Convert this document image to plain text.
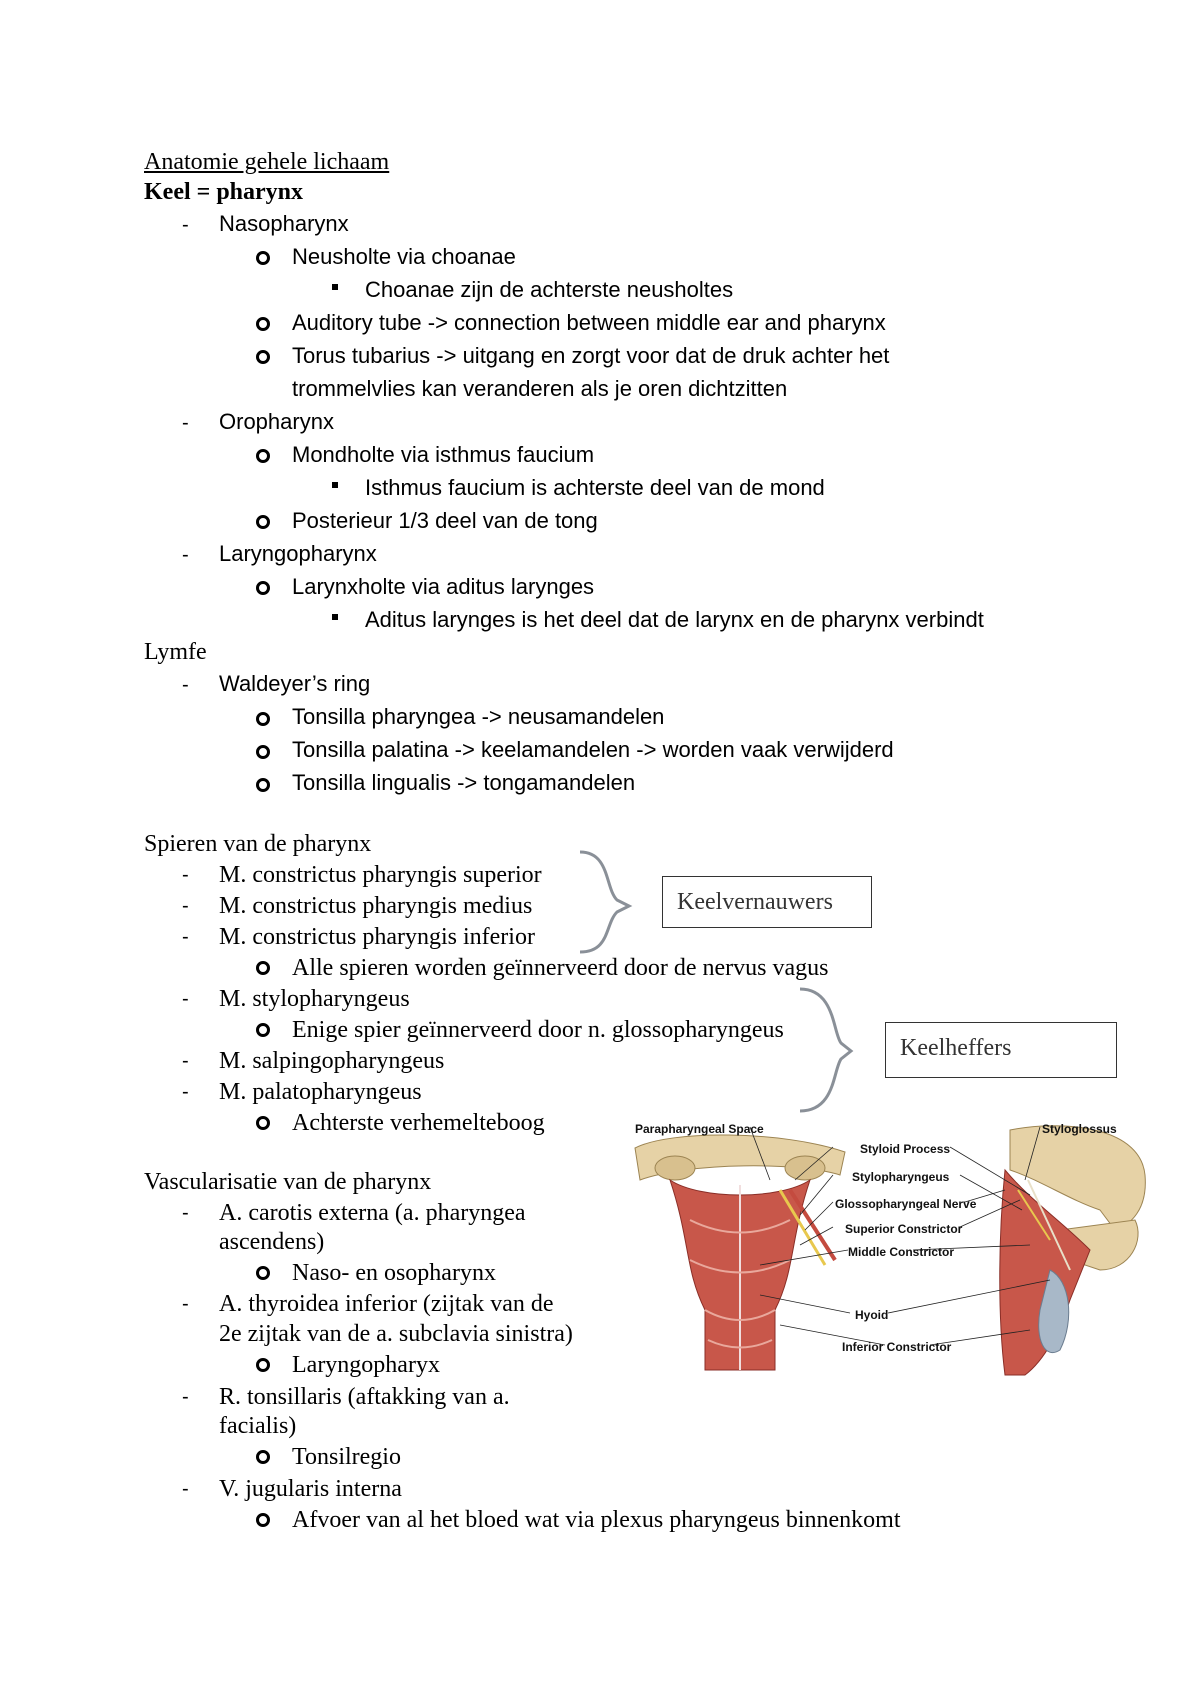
Anatomie gehele lichaam
Keel = pharynx
- Nasopharynx
Neusholte via choanae
Choanae zijn de achterste neusholtes
Auditory tube -> connection between middle ear and pharynx
Torus tubarius -> uitgang en zorgt voor dat de druk achter het
trommelvlies kan veranderen als je oren dichtzitten
- Oropharynx
Mondholte via isthmus faucium
Isthmus faucium is achterste deel van de mond
Posterieur 1/3 deel van de tong
- Laryngopharynx
Larynxholte via aditus larynges
Aditus larynges is het deel dat de larynx en de pharynx verbindt
Lymfe
- Waldeyer’s ring
Tonsilla pharyngea -> neusamandelen
Tonsilla palatina -> keelamandelen -> worden vaak verwijderd
Tonsilla lingualis -> tongamandelen
Spieren van de pharynx
- M. constrictus pharyngis superior
- M. constrictus pharyngis medius
- M. constrictus pharyngis inferior
Alle spieren worden geïnnerveerd door de nervus vagus
- M. stylopharyngeus
Enige spier geïnnerveerd door n. glossopharyngeus
- M. salpingopharyngeus
- M. palatopharyngeus
Achterste verhemelteboog
Keelvernauwers
Keelheffers
Vascularisatie van de pharynx
- A. carotis externa (a. pharyngea
ascendens)
Naso- en osopharynx
- A. thyroidea inferior (zijtak van de
2e zijtak van de a. subclavia sinistra)
Laryngopharyx
- R. tonsillaris (aftakking van a.
facialis)
Tonsilregio
- V. jugularis interna
Afvoer van al het bloed wat via plexus pharyngeus binnenkomt
Parapharyngeal Space
Styloid Process
Stylopharyngeus
Glossopharyngeal Nerve
Superior Constrictor
Middle Constrictor
Hyoid
Inferior Constrictor
Styloglossus
